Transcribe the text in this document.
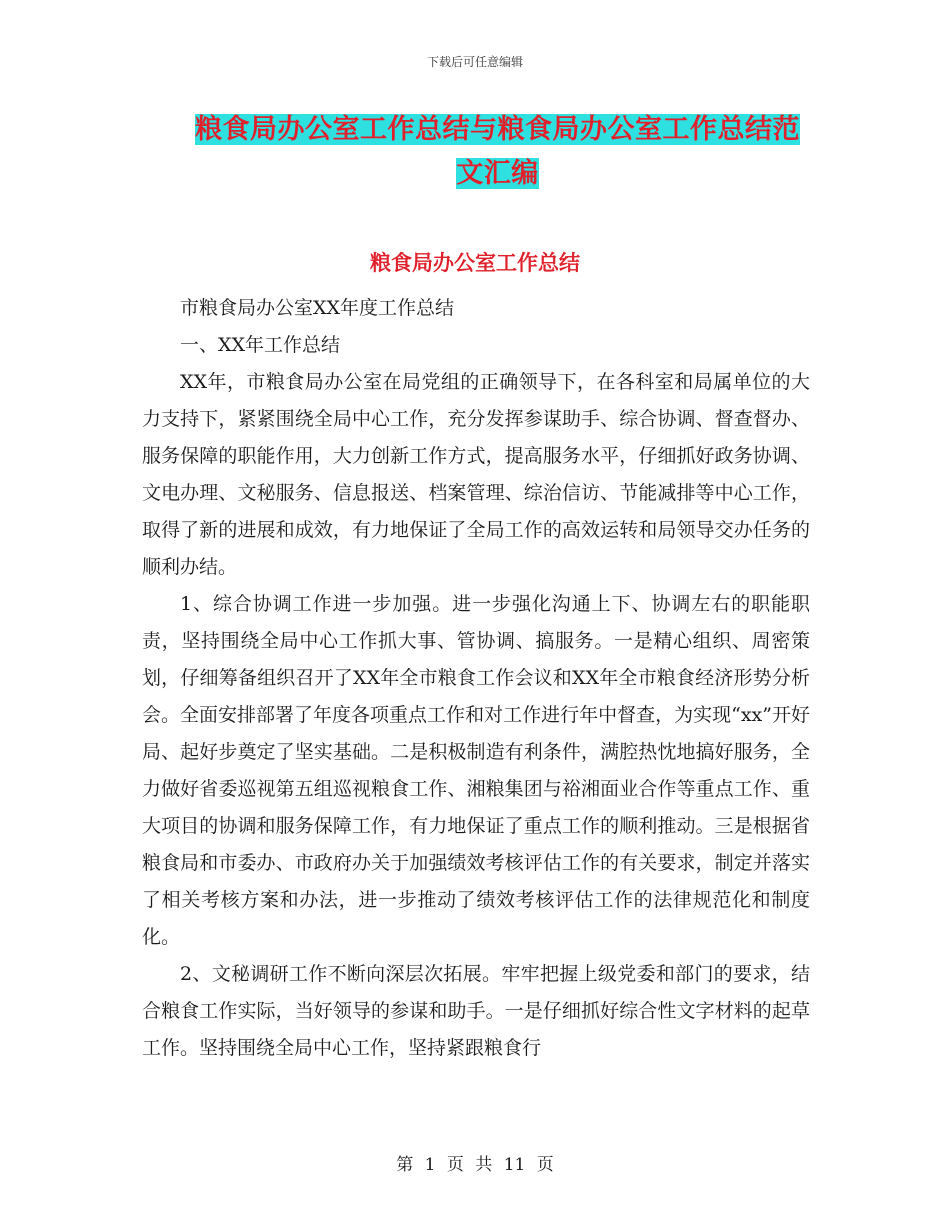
下载后可任意编辑
粮食局办公室工作总结与粮食局办公室工作总结范文汇编
粮食局办公室工作总结

市粮食局办公室XX年度工作总结

一、XX年工作总结

XX年，市粮食局办公室在局党组的正确领导下，在各科室和局属单位的大力支持下，紧紧围绕全局中心工作，充分发挥参谋助手、综合协调、督查督办、服务保障的职能作用，大力创新工作方式，提高服务水平，仔细抓好政务协调、文电办理、文秘服务、信息报送、档案管理、综治信访、节能减排等中心工作，取得了新的进展和成效，有力地保证了全局工作的高效运转和局领导交办任务的顺利办结。

1、综合协调工作进一步加强。进一步强化沟通上下、协调左右的职能职责，坚持围绕全局中心工作抓大事、管协调、搞服务。一是精心组织、周密策划，仔细筹备组织召开了XX年全市粮食工作会议和XX年全市粮食经济形势分析会。全面安排部署了年度各项重点工作和对工作进行年中督查，为实现“xx”开好局、起好步奠定了坚实基础。二是积极制造有利条件，满腔热忱地搞好服务，全力做好省委巡视第五组巡视粮食工作、湘粮集团与裕湘面业合作等重点工作、重大项目的协调和服务保障工作，有力地保证了重点工作的顺利推动。三是根据省粮食局和市委办、市政府办关于加强绩效考核评估工作的有关要求，制定并落实了相关考核方案和办法，进一步推动了绩效考核评估工作的法律规范化和制度化。

2、文秘调研工作不断向深层次拓展。牢牢把握上级党委和部门的要求，结合粮食工作实际，当好领导的参谋和助手。一是仔细抓好综合性文字材料的起草工作。坚持围绕全局中心工作，坚持紧跟粮食行

第 1 页 共 11 页
